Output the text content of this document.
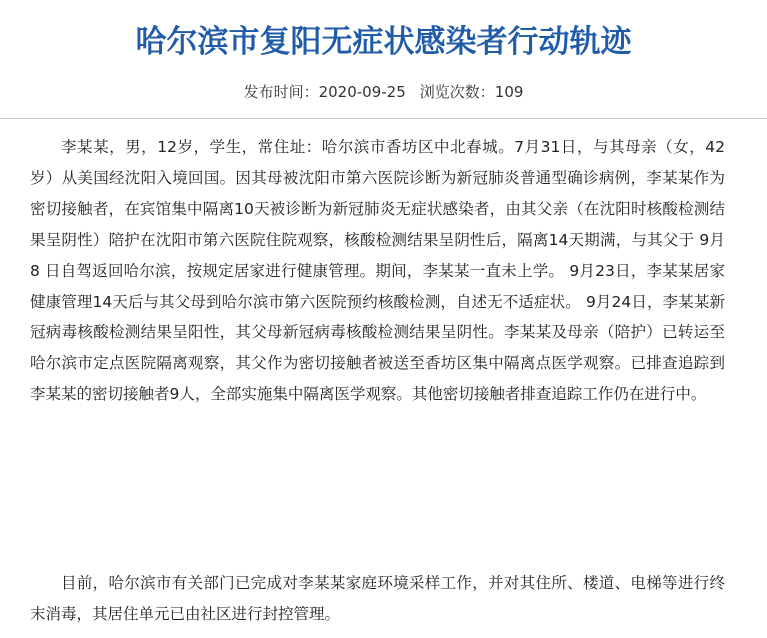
哈尔滨市复阳无症状感染者行动轨迹
发布时间：2020-09-25 浏览次数：109

李某某，男，12岁，学生，常住址：哈尔滨市香坊区中北春城。7月31日，与其母亲（女，42岁）从美国经沈阳入境回国。因其母被沈阳市第六医院诊断为新冠肺炎普通型确诊病例，李某某作为密切接触者，在宾馆集中隔离10天被诊断为新冠肺炎无症状感染者，由其父亲（在沈阳时核酸检测结果呈阴性）陪护在沈阳市第六医院住院观察，核酸检测结果呈阴性后，隔离14天期满，与其父于 9月 8 日自驾返回哈尔滨，按规定居家进行健康管理。期间，李某某一直未上学。 9月23日，李某某居家健康管理14天后与其父母到哈尔滨市第六医院预约核酸检测，自述无不适症状。 9月24日，李某某新冠病毒核酸检测结果呈阳性，其父母新冠病毒核酸检测结果呈阴性。李某某及母亲（陪护）已转运至哈尔滨市定点医院隔离观察，其父作为密切接触者被送至香坊区集中隔离点医学观察。已排查追踪到李某某的密切接触者9人，全部实施集中隔离医学观察。其他密切接触者排查追踪工作仍在进行中。

目前，哈尔滨市有关部门已完成对李某某家庭环境采样工作，并对其住所、楼道、电梯等进行终末消毒，其居住单元已由社区进行封控管理。
